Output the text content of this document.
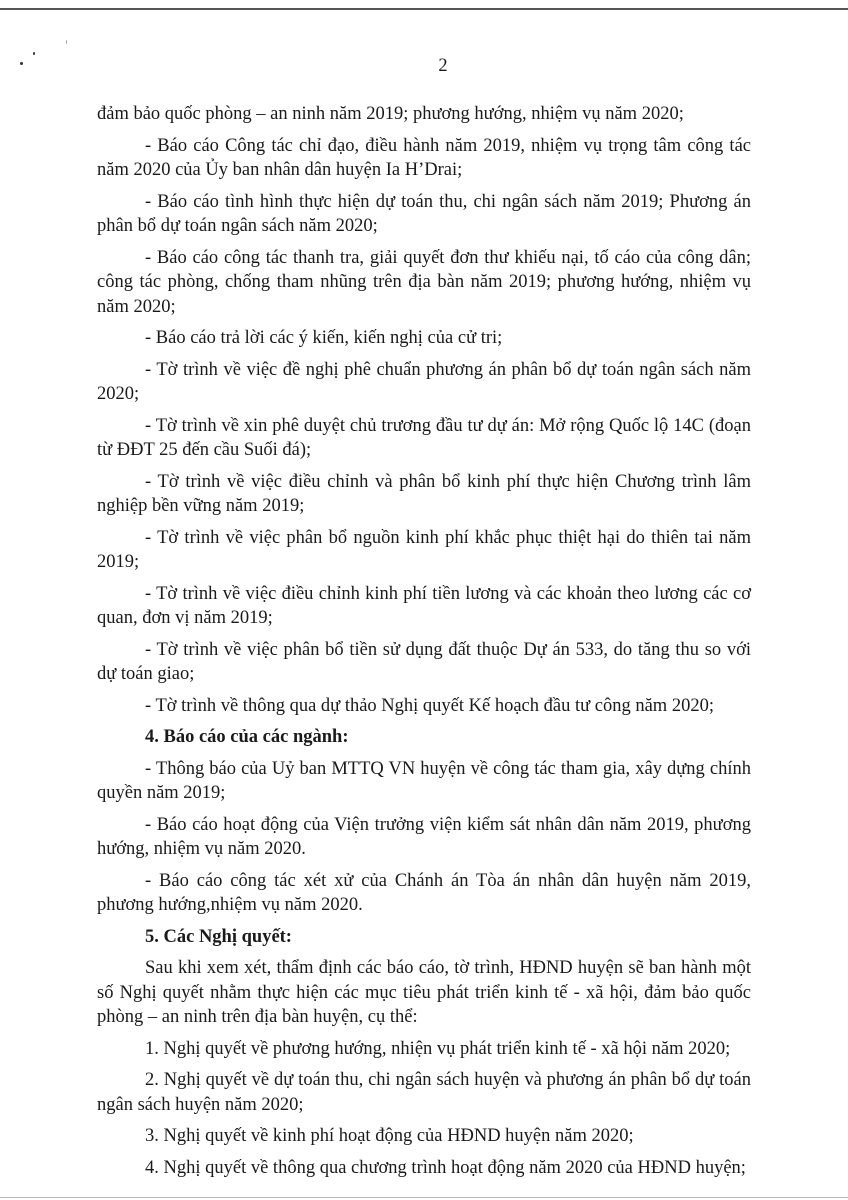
2

đảm bảo quốc phòng – an ninh năm 2019; phương hướng, nhiệm vụ năm 2020;

- Báo cáo Công tác chỉ đạo, điều hành năm 2019, nhiệm vụ trọng tâm công tác năm 2020 của Ủy ban nhân dân huyện Ia H’Drai;

- Báo cáo tình hình thực hiện dự toán thu, chi ngân sách năm 2019; Phương án phân bổ dự toán ngân sách năm 2020;

- Báo cáo công tác thanh tra, giải quyết đơn thư khiếu nại, tố cáo của công dân; công tác phòng, chống tham nhũng trên địa bàn năm 2019; phương hướng, nhiệm vụ năm 2020;

- Báo cáo trả lời các ý kiến, kiến nghị của cử tri;

- Tờ trình về việc đề nghị phê chuẩn phương án phân bổ dự toán ngân sách năm 2020;

- Tờ trình về xin phê duyệt chủ trương đầu tư dự án: Mở rộng Quốc lộ 14C (đoạn từ ĐĐT 25 đến cầu Suối đá);

- Tờ trình về việc điều chỉnh và phân bổ kinh phí thực hiện Chương trình lâm nghiệp bền vững năm 2019;

- Tờ trình về việc phân bổ nguồn kinh phí khắc phục thiệt hại do thiên tai năm 2019;

- Tờ trình về việc điều chỉnh kinh phí tiền lương và các khoản theo lương các cơ quan, đơn vị năm 2019;

- Tờ trình về việc phân bổ tiền sử dụng đất thuộc Dự án 533, do tăng thu so với dự toán giao;

- Tờ trình về thông qua dự thảo Nghị quyết Kế hoạch đầu tư công năm 2020;

4. Báo cáo của các ngành:

- Thông báo của Uỷ ban MTTQ VN huyện về công tác tham gia, xây dựng chính quyền năm 2019;

- Báo cáo hoạt động của Viện trưởng viện kiểm sát nhân dân năm 2019, phương hướng, nhiệm vụ năm 2020.

- Báo cáo công tác xét xử của Chánh án Tòa án nhân dân huyện năm 2019, phương hướng,nhiệm vụ năm 2020.

5. Các Nghị quyết:

Sau khi xem xét, thẩm định các báo cáo, tờ trình, HĐND huyện sẽ ban hành một số Nghị quyết nhằm thực hiện các mục tiêu phát triển kinh tế - xã hội, đảm bảo quốc phòng – an ninh trên địa bàn huyện, cụ thể:

1. Nghị quyết về phương hướng, nhiện vụ phát triển kinh tế - xã hội năm 2020;

2. Nghị quyết về dự toán thu, chi ngân sách huyện và phương án phân bổ dự toán ngân sách huyện năm 2020;

3. Nghị quyết về kinh phí hoạt động của HĐND huyện năm 2020;

4. Nghị quyết về thông qua chương trình hoạt động năm 2020 của HĐND huyện;
